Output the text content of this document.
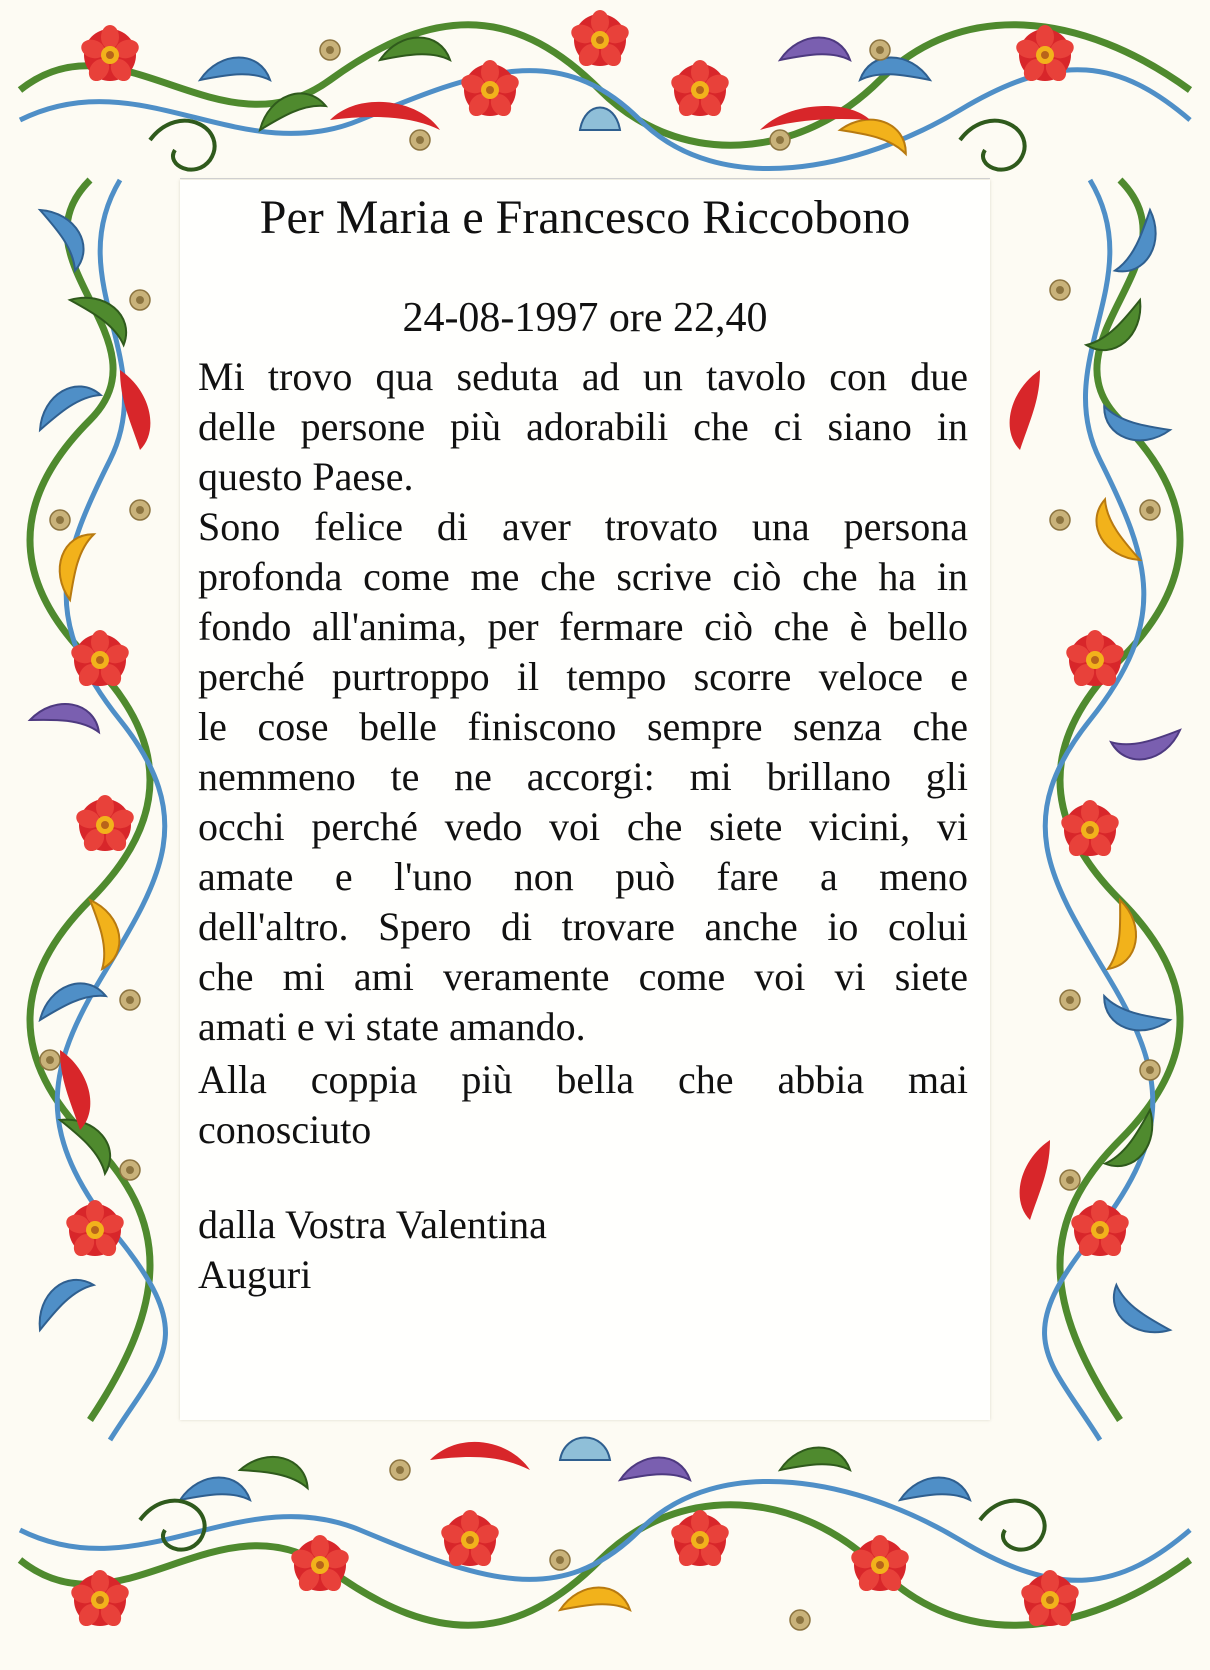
Per Maria e Francesco Riccobono
24-08-1997 ore 22,40
Mi trovo qua seduta ad un tavolo con due
delle persone più adorabili che ci siano in
questo Paese.
Sono felice di aver trovato una persona
profonda come me che scrive ciò che ha in
fondo all'anima, per fermare ciò che è bello
perché purtroppo il tempo scorre veloce e
le cose belle finiscono sempre senza che
nemmeno te ne accorgi: mi brillano gli
occhi perché vedo voi che siete vicini, vi
amate e l'uno non può fare a meno
dell'altro. Spero di trovare anche io colui
che mi ami veramente come voi vi siete
amati e vi state amando.
Alla coppia più bella che abbia mai
conosciuto
dalla Vostra Valentina
Auguri
